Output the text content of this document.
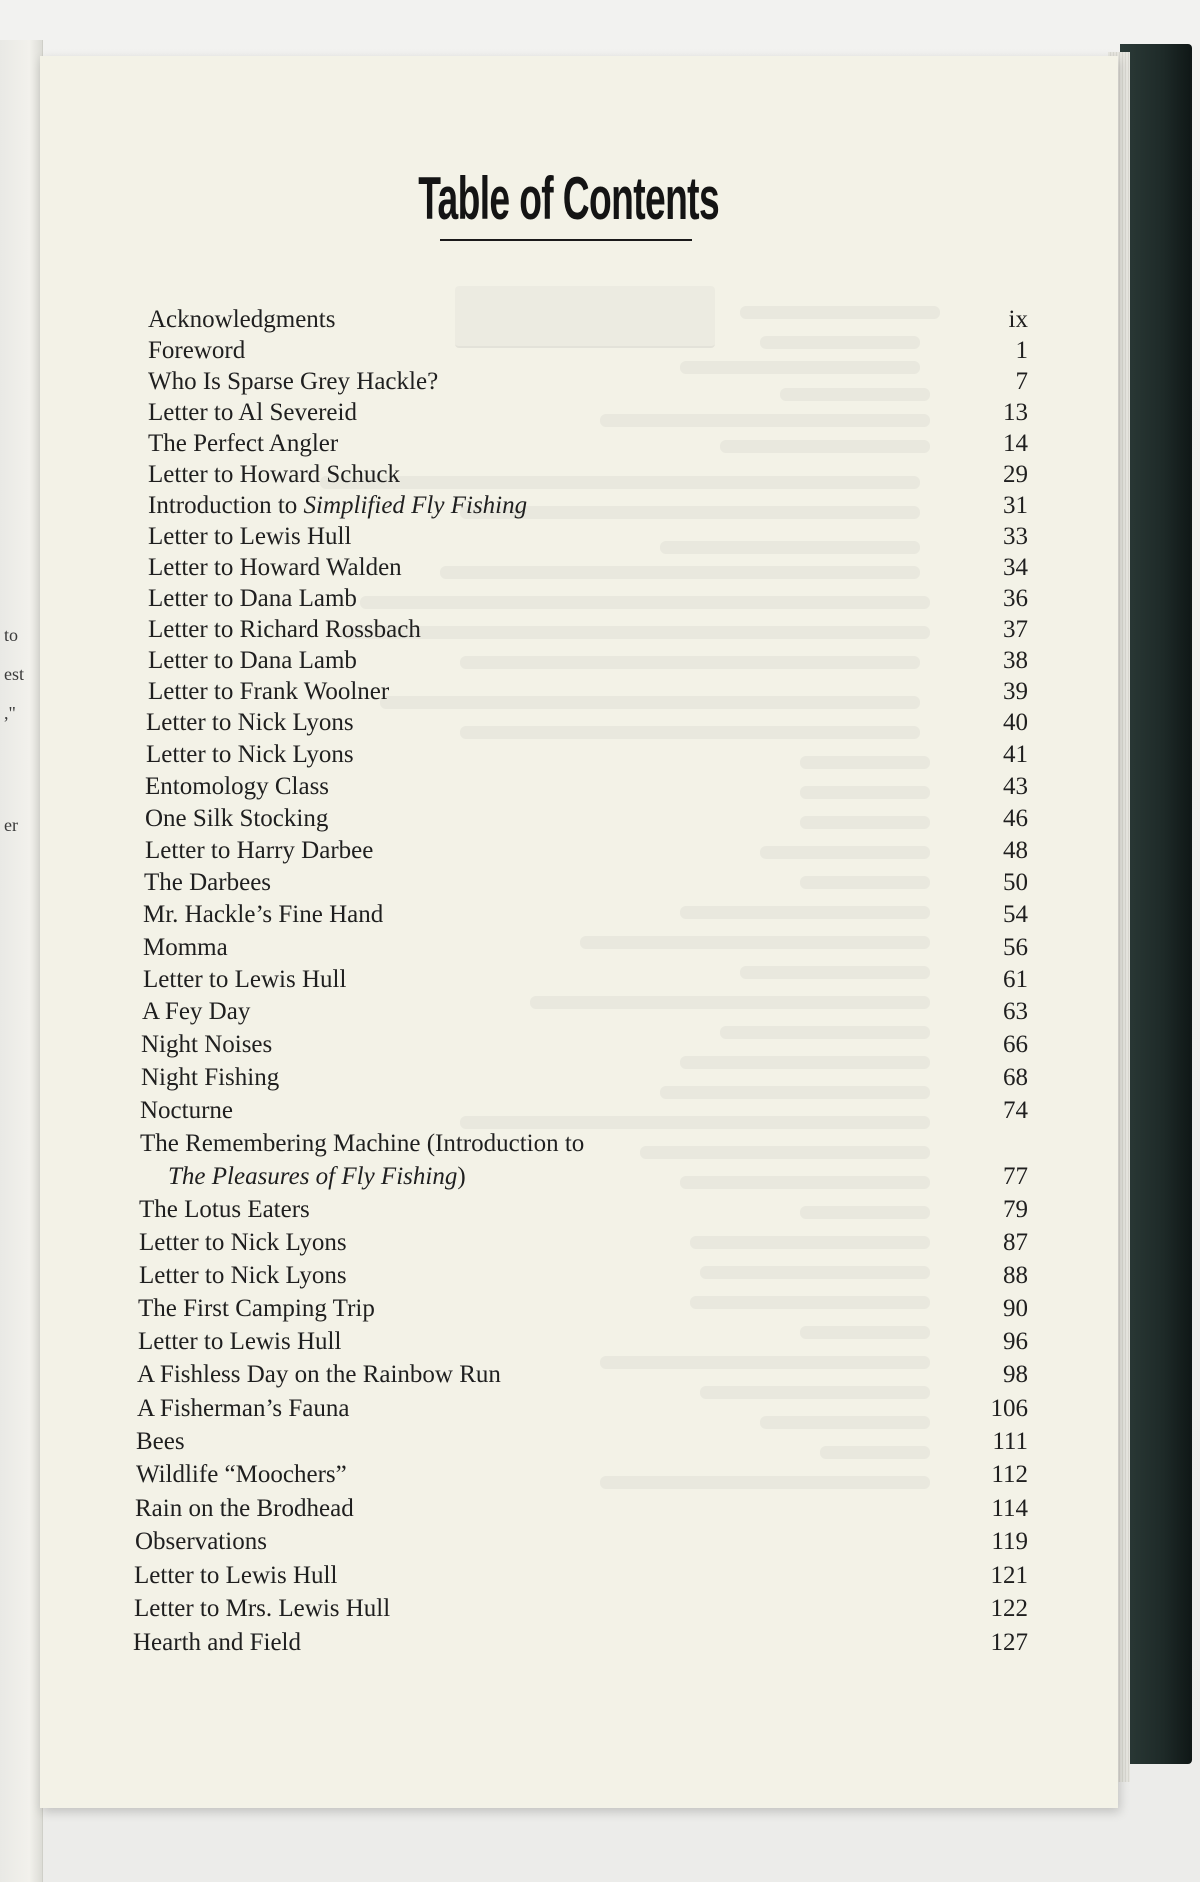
to
est
,"
er
Table of Contents
Acknowledgments	ix
Foreword	1
Who Is Sparse Grey Hackle?	7
Letter to Al Severeid	13
The Perfect Angler	14
Letter to Howard Schuck	29
Introduction to Simplified Fly Fishing	31
Letter to Lewis Hull	33
Letter to Howard Walden	34
Letter to Dana Lamb	36
Letter to Richard Rossbach	37
Letter to Dana Lamb	38
Letter to Frank Woolner	39
Letter to Nick Lyons	40
Letter to Nick Lyons	41
Entomology Class	43
One Silk Stocking	46
Letter to Harry Darbee	48
The Darbees	50
Mr. Hackle’s Fine Hand	54
Momma	56
Letter to Lewis Hull	61
A Fey Day	63
Night Noises	66
Night Fishing	68
Nocturne	74
The Remembering Machine (Introduction to
The Pleasures of Fly Fishing)	77
The Lotus Eaters	79
Letter to Nick Lyons	87
Letter to Nick Lyons	88
The First Camping Trip	90
Letter to Lewis Hull	96
A Fishless Day on the Rainbow Run	98
A Fisherman’s Fauna	106
Bees	111
Wildlife “Moochers”	112
Rain on the Brodhead	114
Observations	119
Letter to Lewis Hull	121
Letter to Mrs. Lewis Hull	122
Hearth and Field	127
